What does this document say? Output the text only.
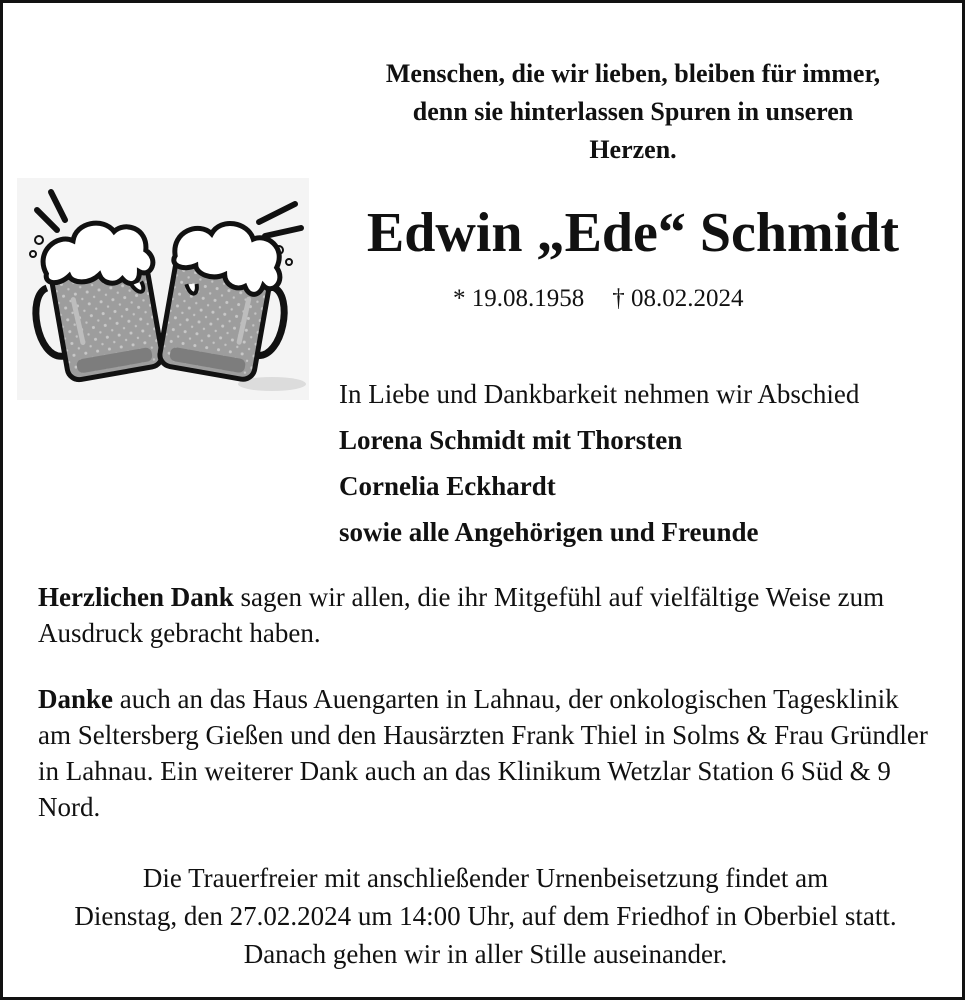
Menschen, die wir lieben, bleiben für immer,
denn sie hinterlassen Spuren in unseren
Herzen.
Edwin „Ede“ Schmidt
* 19.08.1958 † 08.02.2024
In Liebe und Dankbarkeit nehmen wir Abschied
Lorena Schmidt mit Thorsten
Cornelia Eckhardt
sowie alle Angehörigen und Freunde
Herzlichen Dank sagen wir allen, die ihr Mitgefühl auf vielfältige Weise zum Ausdruck gebracht haben.
Danke auch an das Haus Auengarten in Lahnau, der onkologischen Tagesklinik am Seltersberg Gießen und den Hausärzten Frank Thiel in Solms & Frau Gründler in Lahnau. Ein weiterer Dank auch an das Klinikum Wetzlar Station 6 Süd & 9 Nord.
Die Trauerfreier mit anschließender Urnenbeisetzung findet am
Dienstag, den 27.02.2024 um 14:00 Uhr, auf dem Friedhof in Oberbiel statt.
Danach gehen wir in aller Stille auseinander.
